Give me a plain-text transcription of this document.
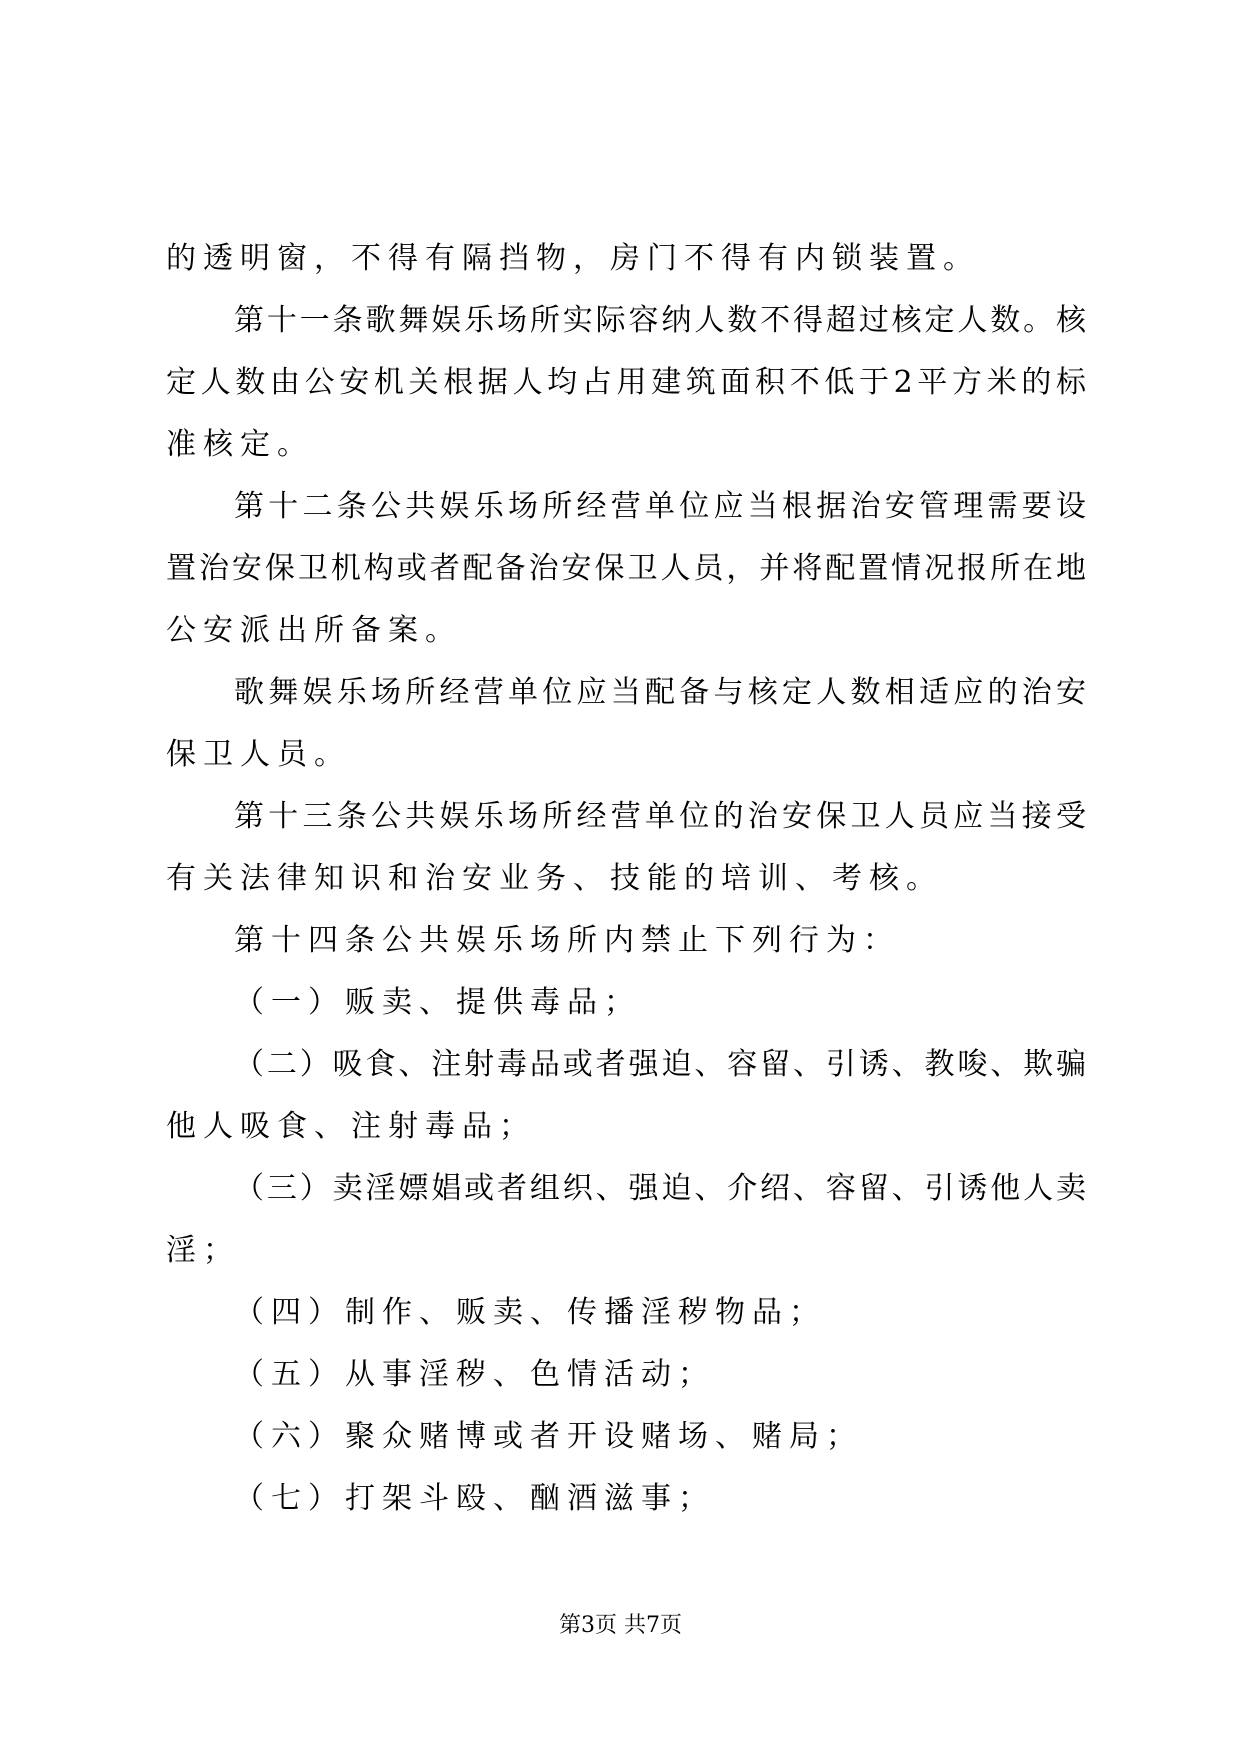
的透明窗，不得有隔挡物，房门不得有内锁装置。
第十一条歌舞娱乐场所实际容纳人数不得超过核定人数。核
定人数由公安机关根据人均占用建筑面积不低于2平方米的标
准核定。
第十二条公共娱乐场所经营单位应当根据治安管理需要设
置治安保卫机构或者配备治安保卫人员，并将配置情况报所在地
公安派出所备案。
歌舞娱乐场所经营单位应当配备与核定人数相适应的治安
保卫人员。
第十三条公共娱乐场所经营单位的治安保卫人员应当接受
有关法律知识和治安业务、技能的培训、考核。
第十四条公共娱乐场所内禁止下列行为：
（一）贩卖、提供毒品；
（二）吸食、注射毒品或者强迫、容留、引诱、教唆、欺骗
他人吸食、注射毒品；
（三）卖淫嫖娼或者组织、强迫、介绍、容留、引诱他人卖
淫；
（四）制作、贩卖、传播淫秽物品；
（五）从事淫秽、色情活动；
（六）聚众赌博或者开设赌场、赌局；
（七）打架斗殴、酗酒滋事；
第3页 共7页
